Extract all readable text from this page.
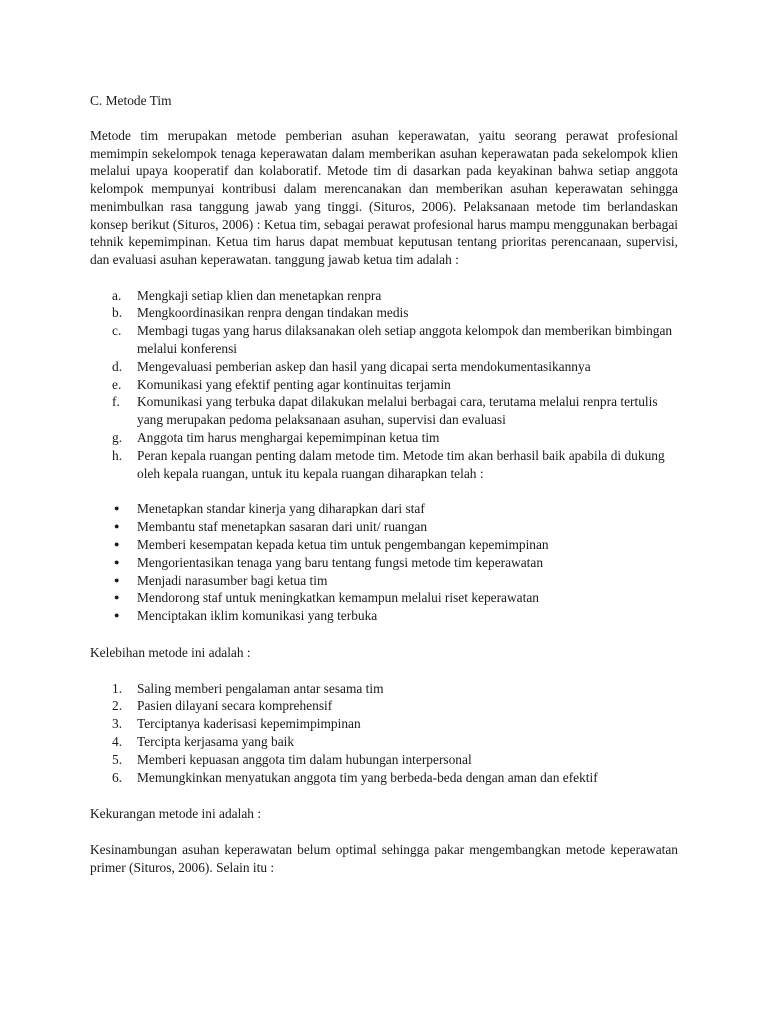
C. Metode Tim

Metode tim merupakan metode pemberian asuhan keperawatan, yaitu seorang perawat profesional memimpin sekelompok tenaga keperawatan dalam memberikan asuhan keperawatan pada sekelompok klien melalui upaya kooperatif dan kolaboratif. Metode tim di dasarkan pada keyakinan bahwa setiap anggota kelompok mempunyai kontribusi dalam merencanakan dan memberikan asuhan keperawatan sehingga menimbulkan rasa tanggung jawab yang tinggi. (Situros, 2006). Pelaksanaan metode tim berlandaskan konsep berikut (Situros, 2006) : Ketua tim, sebagai perawat profesional harus mampu menggunakan berbagai tehnik kepemimpinan. Ketua tim harus dapat membuat keputusan tentang prioritas perencanaan, supervisi, dan evaluasi asuhan keperawatan. tanggung jawab ketua tim adalah :

a. Mengkaji setiap klien dan menetapkan renpra
b. Mengkoordinasikan renpra dengan tindakan medis
c. Membagi tugas yang harus dilaksanakan oleh setiap anggota kelompok dan memberikan bimbingan melalui konferensi
d. Mengevaluasi pemberian askep dan hasil yang dicapai serta mendokumentasikannya
e. Komunikasi yang efektif penting agar kontinuitas terjamin
f. Komunikasi yang terbuka dapat dilakukan melalui berbagai cara, terutama melalui renpra tertulis yang merupakan pedoma pelaksanaan asuhan, supervisi dan evaluasi
g. Anggota tim harus menghargai kepemimpinan ketua tim
h. Peran kepala ruangan penting dalam metode tim. Metode tim akan berhasil baik apabila di dukung oleh kepala ruangan, untuk itu kepala ruangan diharapkan telah :
● Menetapkan standar kinerja yang diharapkan dari staf
● Membantu staf menetapkan sasaran dari unit/ ruangan
● Memberi kesempatan kepada ketua tim untuk pengembangan kepemimpinan
● Mengorientasikan tenaga yang baru tentang fungsi metode tim keperawatan
● Menjadi narasumber bagi ketua tim
● Mendorong staf untuk meningkatkan kemampun melalui riset keperawatan
● Menciptakan iklim komunikasi yang terbuka

Kelebihan metode ini adalah :

1. Saling memberi pengalaman antar sesama tim
2. Pasien dilayani secara komprehensif
3. Terciptanya kaderisasi kepemimpimpinan
4. Tercipta kerjasama yang baik
5. Memberi kepuasan anggota tim dalam hubungan interpersonal
6. Memungkinkan menyatukan anggota tim yang berbeda-beda dengan aman dan efektif

Kekurangan metode ini adalah :

Kesinambungan asuhan keperawatan belum optimal sehingga pakar mengembangkan metode keperawatan primer (Situros, 2006). Selain itu :
